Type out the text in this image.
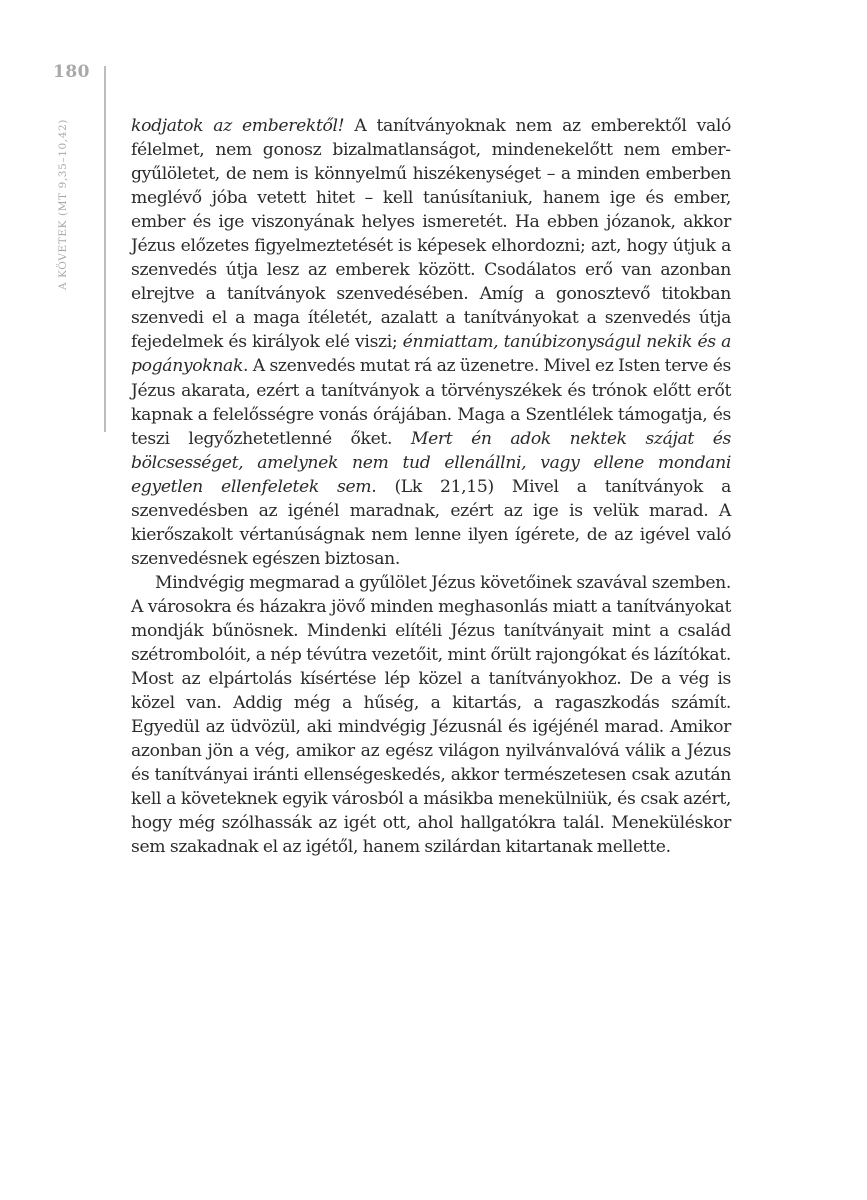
180
A KÖVETEK (MT 9,35–10,42)	kodjatok az emberektől! A tanítványoknak nem az emberektől való félelmet, nem gonosz bizalmatlanságot, mindenekelőtt nem embergyűlöletet, de nem is könnyelmű hiszékenységet – a minden emberben meglévő jóba vetett hitet – kell tanúsítaniuk, hanem ige és ember, ember és ige viszonyának helyes ismeretét. Ha ebben józanok, akkor Jézus előzetes figyelmeztetését is képesek elhordozni; azt, hogy útjuk a szenvedés útja lesz az emberek között. Csodálatos erő van azonban elrejtve a tanítványok szenvedésében. Amíg a gonosztevő titokban szenvedi el a maga ítéletét, azalatt a tanítványokat a szenvedés útja fejedelmek és királyok elé viszi; énmiattam, tanúbizonyságul nekik és a pogányoknak. A szenvedés mutat rá az üzenetre. Mivel ez Isten terve és Jézus akarata, ezért a tanítványok a törvényszékek és trónok előtt erőt kapnak a felelősségre vonás órájában. Maga a Szentlélek támogatja, és teszi legyőzhetetlenné őket. Mert én adok nektek szájat és bölcsességet, amelynek nem tud ellenállni, vagy ellene mondani egyetlen ellenfeletek sem. (Lk 21,15) Mivel a tanítványok a szenvedésben az igénél maradnak, ezért az ige is velük marad. A kierőszakolt vértanúságnak nem lenne ilyen ígérete, de az igével való szenvedésnek egészen biztosan.

Mindvégig megmarad a gyűlölet Jézus követőinek szavával szemben. A városokra és házakra jövő minden meghasonlás miatt a tanítványokat mondják bűnösnek. Mindenki elítéli Jézus tanítványait mint a család szétrombolóit, a nép tévútra vezetőit, mint őrült rajongókat és lázítókat. Most az elpártolás kísértése lép közel a tanítványokhoz. De a vég is közel van. Addig még a hűség, a kitartás, a ragaszkodás számít. Egyedül az üdvözül, aki mindvégig Jézusnál és igéjénél marad. Amikor azonban jön a vég, amikor az egész világon nyilvánvalóvá válik a Jézus és tanítványai iránti ellenségeskedés, akkor természetesen csak azután kell a követeknek egyik városból a másikba menekülniük, és csak azért, hogy még szólhassák az igét ott, ahol hallgatókra talál. Meneküléskor sem szakadnak el az igétől, hanem szilárdan kitartanak mellette.
